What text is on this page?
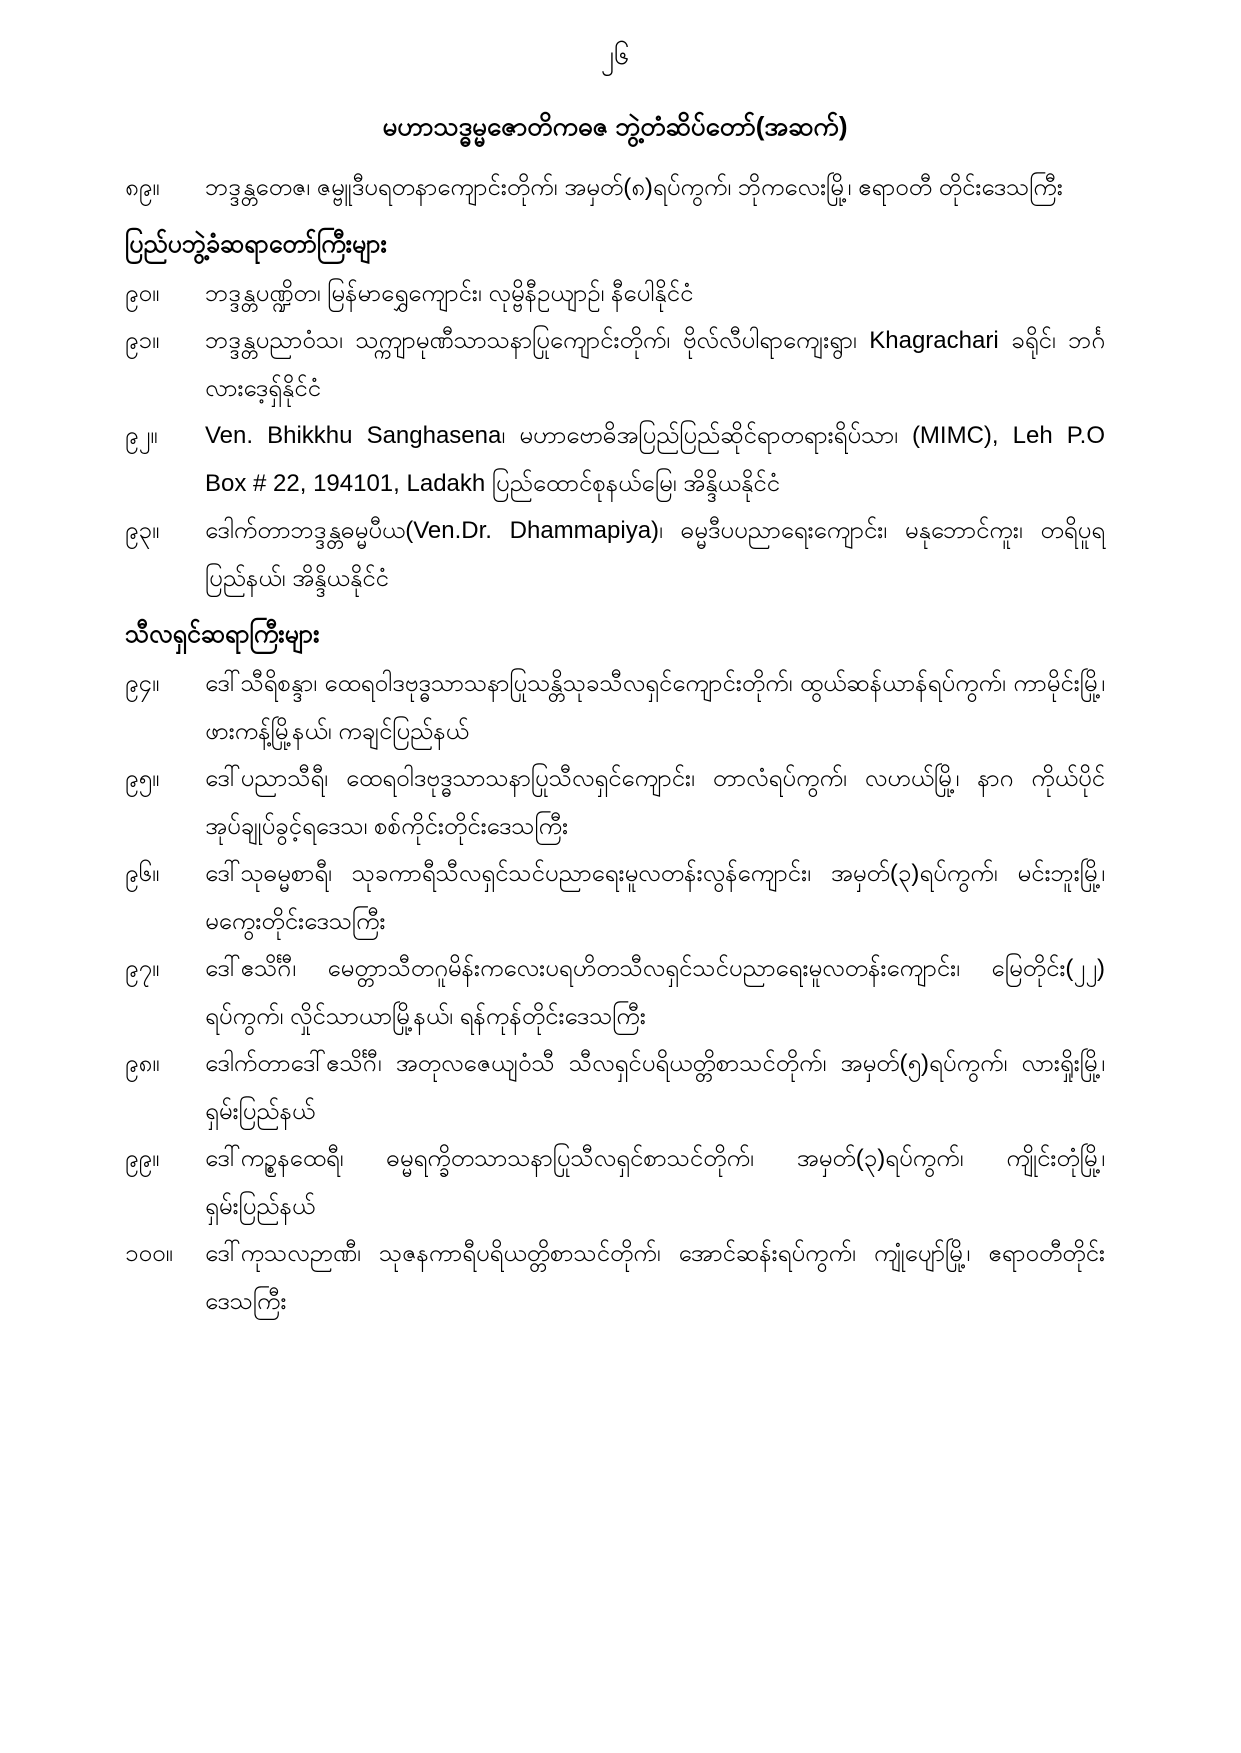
၂၆
မဟာသဒ္ဓမ္မဇောတိကဓဇ ဘွဲ့တံဆိပ်တော်(အဆက်)
၈၉။	ဘဒ္ဒန္တတေဇ၊ ဇမ္ဗူဒီပရတနာကျောင်းတိုက်၊ အမှတ်(၈)ရပ်ကွက်၊ ဘိုကလေးမြို့၊ ဧရာဝတီ တိုင်းဒေသကြီး
ပြည်ပဘွဲ့ခံဆရာတော်ကြီးများ
၉၀။	ဘဒ္ဒန္တပဏ္ဍိတ၊ မြန်မာရွှေကျောင်း၊ လုမ္ဗိနီဥယျာဉ်၊ နီပေါနိုင်ငံ
၉၁။	ဘဒ္ဒန္တပညာဝံသ၊ သက္ကျာမုဏီသာသနာပြုကျောင်းတိုက်၊ ဗိုလ်လီပါရာကျေးရွာ၊ Khagrachari ခရိုင်၊ ဘင်္ဂလားဒေ့ရှ်နိုင်ငံ
၉၂။	Ven. Bhikkhu Sanghasena၊ မဟာဗောဓိအပြည်ပြည်ဆိုင်ရာတရားရိပ်သာ၊ (MIMC), Leh P.O Box # 22, 194101, Ladakh ပြည်ထောင်စုနယ်မြေ၊ အိန္ဒိယနိုင်ငံ
၉၃။	ဒေါက်တာဘဒ္ဒန္တဓမ္မပီယ(Ven.Dr. Dhammapiya)၊ ဓမ္မဒီပပညာရေးကျောင်း၊ မနုဘောင်ကူး၊ တရိပူရပြည်နယ်၊ အိန္ဒိယနိုင်ငံ
သီလရှင်ဆရာကြီးများ
၉၄။	ဒေါ်သီရိစန္ဒာ၊ ထေရဝါဒဗုဒ္ဓသာသနာပြုသန္တိသုခသီလရှင်ကျောင်းတိုက်၊ ထွယ်ဆန်ယာန်ရပ်ကွက်၊ ကာမိုင်းမြို့၊ ဖားကန့်မြို့နယ်၊ ကချင်ပြည်နယ်
၉၅။	ဒေါ်ပညာသီရီ၊ ထေရဝါဒဗုဒ္ဓသာသနာပြုသီလရှင်ကျောင်း၊ တာလံရပ်ကွက်၊ လဟယ်မြို့၊ နာဂ ကိုယ်ပိုင်အုပ်ချုပ်ခွင့်ရဒေသ၊ စစ်ကိုင်းတိုင်းဒေသကြီး
၉၆။	ဒေါ်သုဓမ္မစာရီ၊ သုခကာရီသီလရှင်သင်ပညာရေးမူလတန်းလွန်ကျောင်း၊ အမှတ်(၃)ရပ်ကွက်၊ မင်းဘူးမြို့၊ မကွေးတိုင်းဒေသကြီး
၉၇။	ဒေါ်ဧသိင်္ဂီ၊ မေတ္တာသီတဂူမိန်းကလေးပရဟိတသီလရှင်သင်ပညာရေးမူလတန်းကျောင်း၊ မြေတိုင်း(၂၂) ရပ်ကွက်၊ လှိုင်သာယာမြို့နယ်၊ ရန်ကုန်တိုင်းဒေသကြီး
၉၈။	ဒေါက်တာဒေါ်ဧသိင်္ဂီ၊ အတုလဇေယျဝံသီ သီလရှင်ပရိယတ္တိစာသင်တိုက်၊ အမှတ်(၅)ရပ်ကွက်၊ လားရှိုးမြို့၊ ရှမ်းပြည်နယ်
၉၉။	ဒေါ်ကဉ္စနထေရီ၊ ဓမ္မရက္ခိတသာသနာပြုသီလရှင်စာသင်တိုက်၊ အမှတ်(၃)ရပ်ကွက်၊ ကျိုင်းတုံမြို့၊ ရှမ်းပြည်နယ်
၁၀၀။	ဒေါ်ကုသလဉာဏီ၊ သုဇနကာရီပရိယတ္တိစာသင်တိုက်၊ အောင်ဆန်းရပ်ကွက်၊ ကျုံပျော်မြို့၊ ဧရာဝတီတိုင်းဒေသကြီး
